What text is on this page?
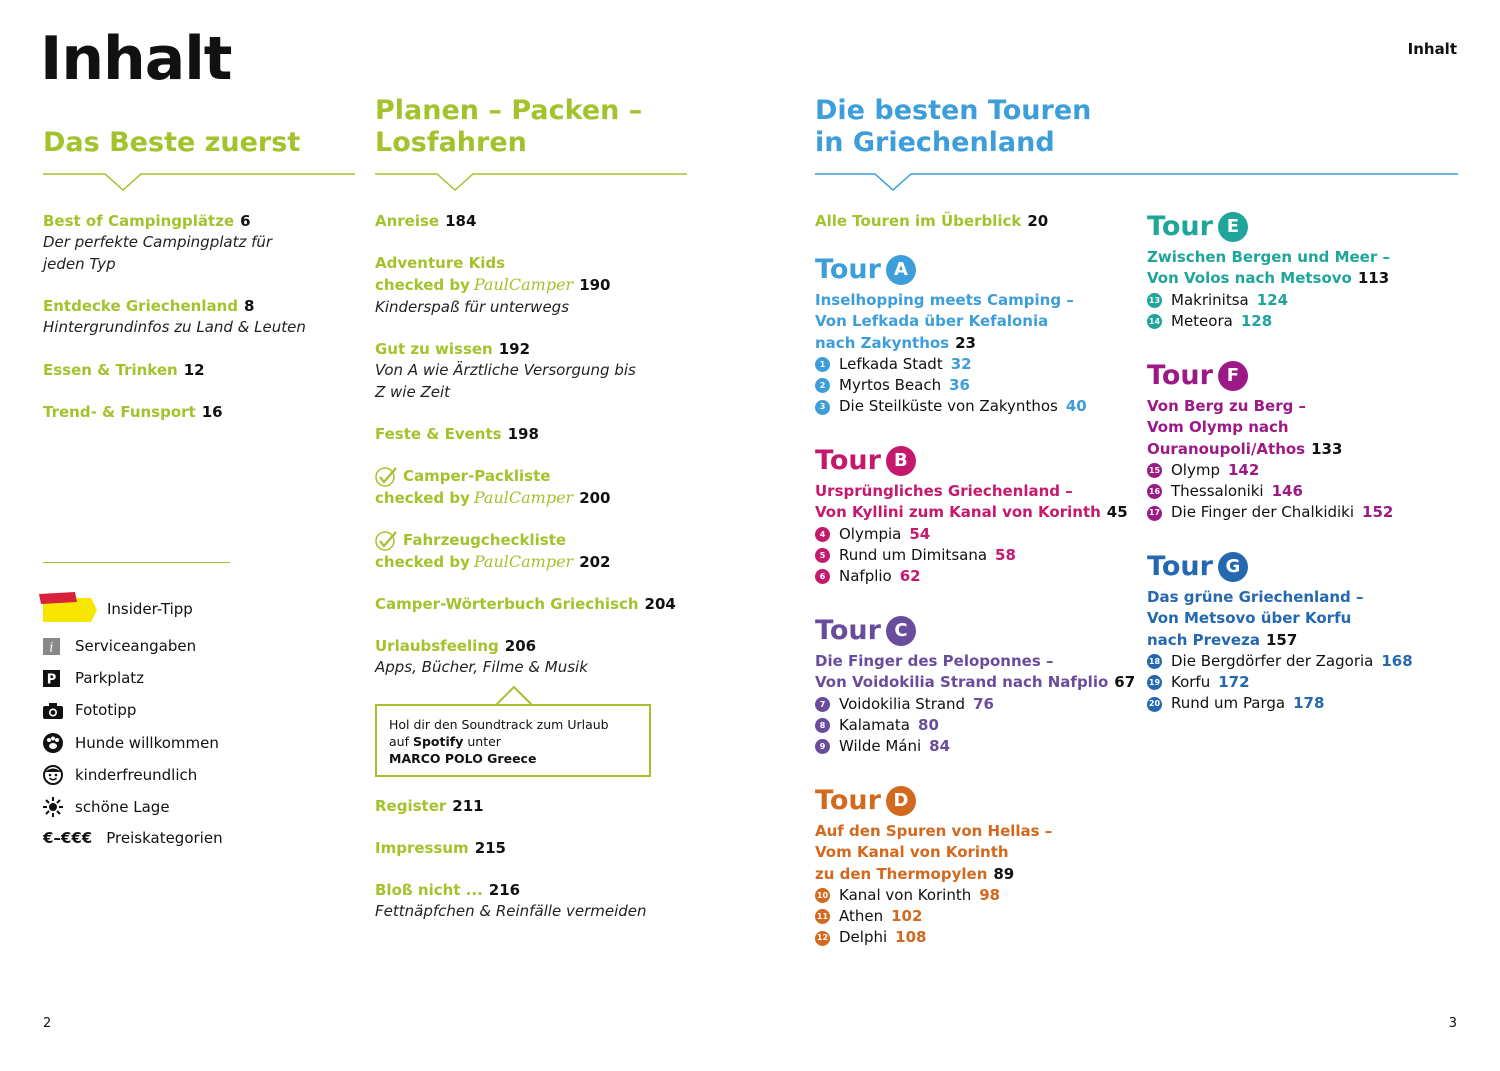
Inhalt	Inhalt
Das Beste zuerst
Best of Campingplätze 6
Der perfekte Campingplatz für
jeden Typ
Entdecke Griechenland 8
Hintergrundinfos zu Land & Leuten
Essen & Trinken 12
Trend- & Funsport 16
Insider-Tipp
i Serviceangaben
P Parkplatz
Fototipp
Hunde willkommen
kinderfreundlich
schöne Lage
€–€€€ Preiskategorien
Planen – Packen –
Losfahren
Anreise 184
Adventure Kids
checked by PaulCamper 190
Kinderspaß für unterwegs
Gut zu wissen 192
Von A wie Ärztliche Versorgung bis
Z wie Zeit
Feste & Events 198
Camper-Packliste
checked by PaulCamper 200
Fahrzeugcheckliste
checked by PaulCamper 202
Camper-Wörterbuch Griechisch 204
Urlaubsfeeling 206
Apps, Bücher, Filme & Musik
Hol dir den Soundtrack zum Urlaub
auf Spotify unter
MARCO POLO Greece
Register 211
Impressum 215
Bloß nicht ... 216
Fettnäpfchen & Reinfälle vermeiden
Die besten Touren
in Griechenland
Alle Touren im Überblick 20
Tour A
Inselhopping meets Camping –
Von Lefkada über Kefalonia
nach Zakynthos 23
1 Lefkada Stadt 32
2 Myrtos Beach 36
3 Die Steilküste von Zakynthos 40
Tour B
Ursprüngliches Griechenland –
Von Kyllini zum Kanal von Korinth 45
4 Olympia 54
5 Rund um Dimitsana 58
6 Nafplio 62
Tour C
Die Finger des Peloponnes –
Von Voidokilia Strand nach Nafplio 67
7 Voidokilia Strand 76
8 Kalamata 80
9 Wilde Máni 84
Tour D
Auf den Spuren von Hellas –
Vom Kanal von Korinth
zu den Thermopylen 89
10 Kanal von Korinth 98
11 Athen 102
12 Delphi 108
Tour E
Zwischen Bergen und Meer –
Von Volos nach Metsovo 113
13 Makrinitsa 124
14 Meteora 128
Tour F
Von Berg zu Berg –
Vom Olymp nach
Ouranoupoli/Athos 133
15 Olymp 142
16 Thessaloniki 146
17 Die Finger der Chalkidiki 152
Tour G
Das grüne Griechenland –
Von Metsovo über Korfu
nach Preveza 157
18 Die Bergdörfer der Zagoria 168
19 Korfu 172
20 Rund um Parga 178
2	3
